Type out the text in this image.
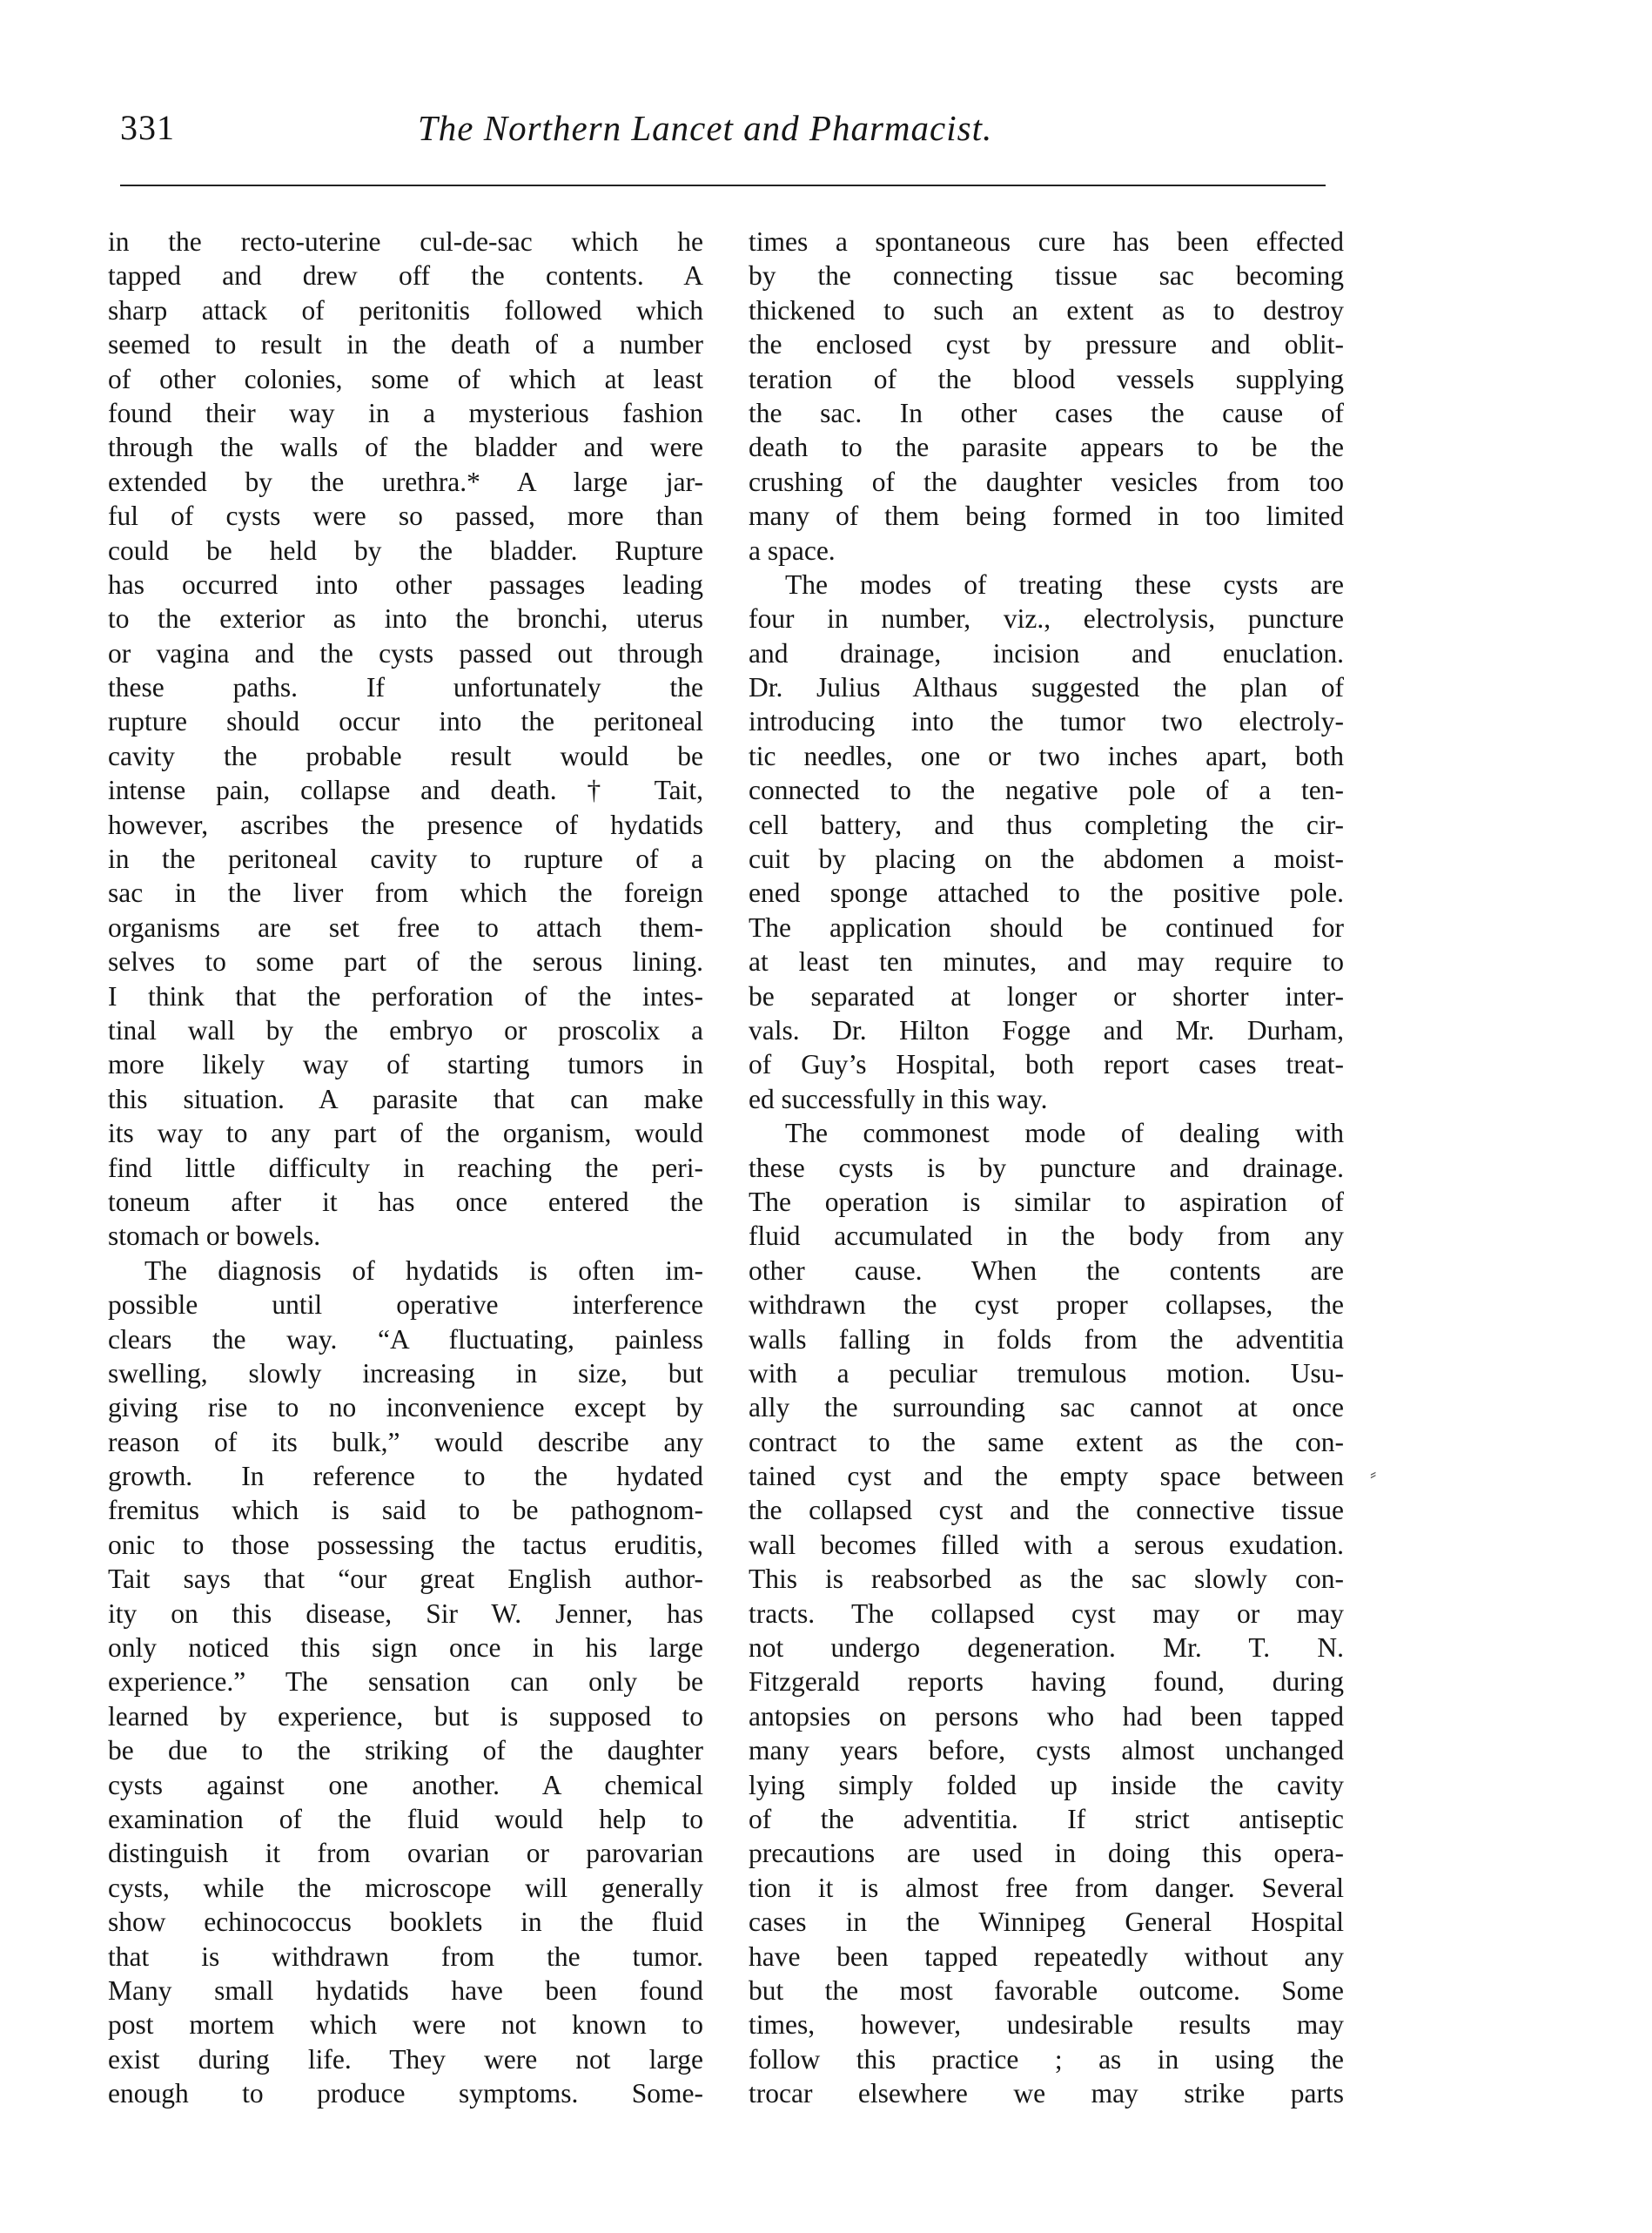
331	The Northern Lancet and Pharmacist.
in the recto-uterine cul-de-sac which he
tapped and drew off the contents. A
sharp attack of peritonitis followed which
seemed to result in the death of a number
of other colonies, some of which at least
found their way in a mysterious fashion
through the walls of the bladder and were
extended by the urethra.* A large jar-
ful of cysts were so passed, more than
could be held by the bladder. Rupture
has occurred into other passages leading
to the exterior as into the bronchi, uterus
or vagina and the cysts passed out through
these paths. If unfortunately the
rupture should occur into the peritoneal
cavity the probable result would be
intense pain, collapse and death. † Tait,
however, ascribes the presence of hydatids
in the peritoneal cavity to rupture of a
sac in the liver from which the foreign
organisms are set free to attach them-
selves to some part of the serous lining.
I think that the perforation of the intes-
tinal wall by the embryo or proscolix a
more likely way of starting tumors in
this situation. A parasite that can make
its way to any part of the organism, would
find little difficulty in reaching the peri-
toneum after it has once entered the
stomach or bowels.
The diagnosis of hydatids is often im-
possible until operative interference
clears the way. “A fluctuating, painless
swelling, slowly increasing in size, but
giving rise to no inconvenience except by
reason of its bulk,” would describe any
growth. In reference to the hydated
fremitus which is said to be pathognom-
onic to those possessing the tactus eruditis,
Tait says that “our great English author-
ity on this disease, Sir W. Jenner, has
only noticed this sign once in his large
experience.” The sensation can only be
learned by experience, but is supposed to
be due to the striking of the daughter
cysts against one another. A chemical
examination of the fluid would help to
distinguish it from ovarian or parovarian
cysts, while the microscope will generally
show echinococcus booklets in the fluid
that is withdrawn from the tumor.
Many small hydatids have been found
post mortem which were not known to
exist during life. They were not large
enough to produce symptoms. Some-
times a spontaneous cure has been effected
by the connecting tissue sac becoming
thickened to such an extent as to destroy
the enclosed cyst by pressure and oblit-
teration of the blood vessels supplying
the sac. In other cases the cause of
death to the parasite appears to be the
crushing of the daughter vesicles from too
many of them being formed in too limited
a space.
The modes of treating these cysts are
four in number, viz., electrolysis, puncture
and drainage, incision and enuclation.
Dr. Julius Althaus suggested the plan of
introducing into the tumor two electroly-
tic needles, one or two inches apart, both
connected to the negative pole of a ten-
cell battery, and thus completing the cir-
cuit by placing on the abdomen a moist-
ened sponge attached to the positive pole.
The application should be continued for
at least ten minutes, and may require to
be separated at longer or shorter inter-
vals. Dr. Hilton Fogge and Mr. Durham,
of Guy’s Hospital, both report cases treat-
ed successfully in this way.
The commonest mode of dealing with
these cysts is by puncture and drainage.
The operation is similar to aspiration of
fluid accumulated in the body from any
other cause. When the contents are
withdrawn the cyst proper collapses, the
walls falling in folds from the adventitia
with a peculiar tremulous motion. Usu-
ally the surrounding sac cannot at once
contract to the same extent as the con-
tained cyst and the empty space between
the collapsed cyst and the connective tissue
wall becomes filled with a serous exudation.
This is reabsorbed as the sac slowly con-
tracts. The collapsed cyst may or may
not undergo degeneration. Mr. T. N.
Fitzgerald reports having found, during
antopsies on persons who had been tapped
many years before, cysts almost unchanged
lying simply folded up inside the cavity
of the adventitia. If strict antiseptic
precautions are used in doing this opera-
tion it is almost free from danger. Several
cases in the Winnipeg General Hospital
have been tapped repeatedly without any
but the most favorable outcome. Some
times, however, undesirable results may
follow this practice ; as in using the
trocar elsewhere we may strike parts
⸗
